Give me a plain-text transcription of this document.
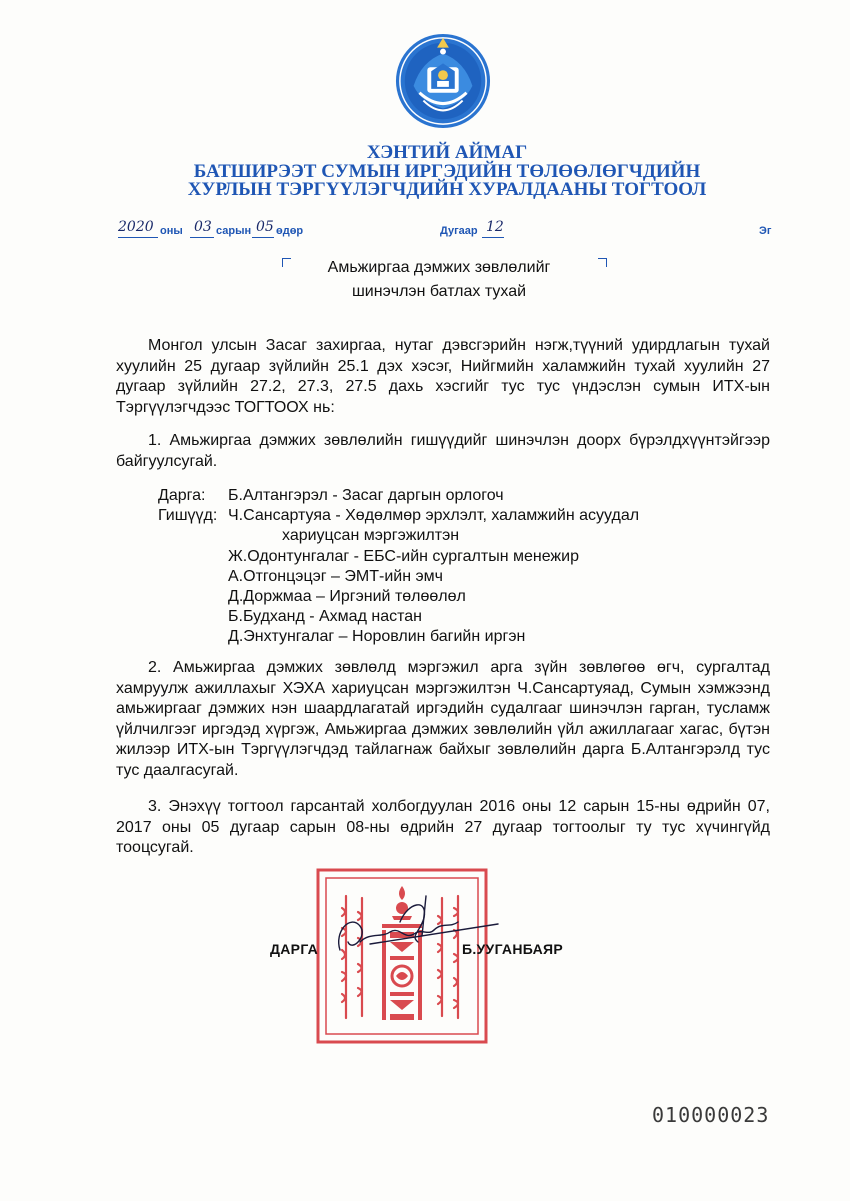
ХЭНТИЙ АЙМАГ
БАТШИРЭЭТ СУМЫН ИРГЭДИЙН ТӨЛӨӨЛӨГЧДИЙН
ХУРЛЫН ТЭРГҮҮЛЭГЧДИЙН ХУРАЛДААНЫ ТОГТООЛ
2020 оны 03 сарын 05 өдөр	Дугаар 12	Эг
Амьжиргаа дэмжих зөвлөлийг
шинэчлэн батлах тухай
Монгол улсын Засаг захиргаа, нутаг дэвсгэрийн нэгж,түүний удирдлагын тухай хуулийн 25 дугаар зүйлийн 25.1 дэх хэсэг, Нийгмийн халамжийн тухай хуулийн 27 дугаар зүйлийн 27.2, 27.3, 27.5 дахь хэсгийг тус тус үндэслэн сумын ИТХ-ын Тэргүүлэгчдээс ТОГТООХ нь:
1. Амьжиргаа дэмжих зөвлөлийн гишүүдийг шинэчлэн доорх бүрэлдхүүнтэйгээр байгуулсугай.
Дарга: Б.Алтангэрэл - Засаг даргын орлогоч
Гишүүд: Ч.Сансартуяа - Хөдөлмөр эрхлэлт, халамжийн асуудал
хариуцсан мэргэжилтэн
Ж.Одонтунгалаг - ЕБС-ийн сургалтын менежир
А.Отгонцэцэг – ЭМТ-ийн эмч
Д.Доржмаа – Иргэний төлөөлөл
Б.Будханд - Ахмад настан
Д.Энхтунгалаг – Норовлин багийн иргэн
2. Амьжиргаа дэмжих зөвлөлд мэргэжил арга зүйн зөвлөгөө өгч, сургалтад хамруулж ажиллахыг ХЭХА хариуцсан мэргэжилтэн Ч.Сансартуяад, Сумын хэмжээнд амьжиргааг дэмжих нэн шаардлагатай иргэдийн судалгааг шинэчлэн гарган, тусламж үйлчилгээг иргэдэд хүргэж, Амьжиргаа дэмжих зөвлөлийн үйл ажиллагааг хагас, бүтэн жилээр ИТХ-ын Тэргүүлэгчдэд тайлагнаж байхыг зөвлөлийн дарга Б.Алтангэрэлд тус тус даалгасугай.
3. Энэхүү тогтоол гарсантай холбогдуулан 2016 оны 12 сарын 15-ны өдрийн 07, 2017 оны 05 дугаар сарын 08-ны өдрийн 27 дугаар тогтоолыг ту тус хүчингүйд тооцсугай.
ДАРГА	Б.УУГАНБАЯР
010000023
